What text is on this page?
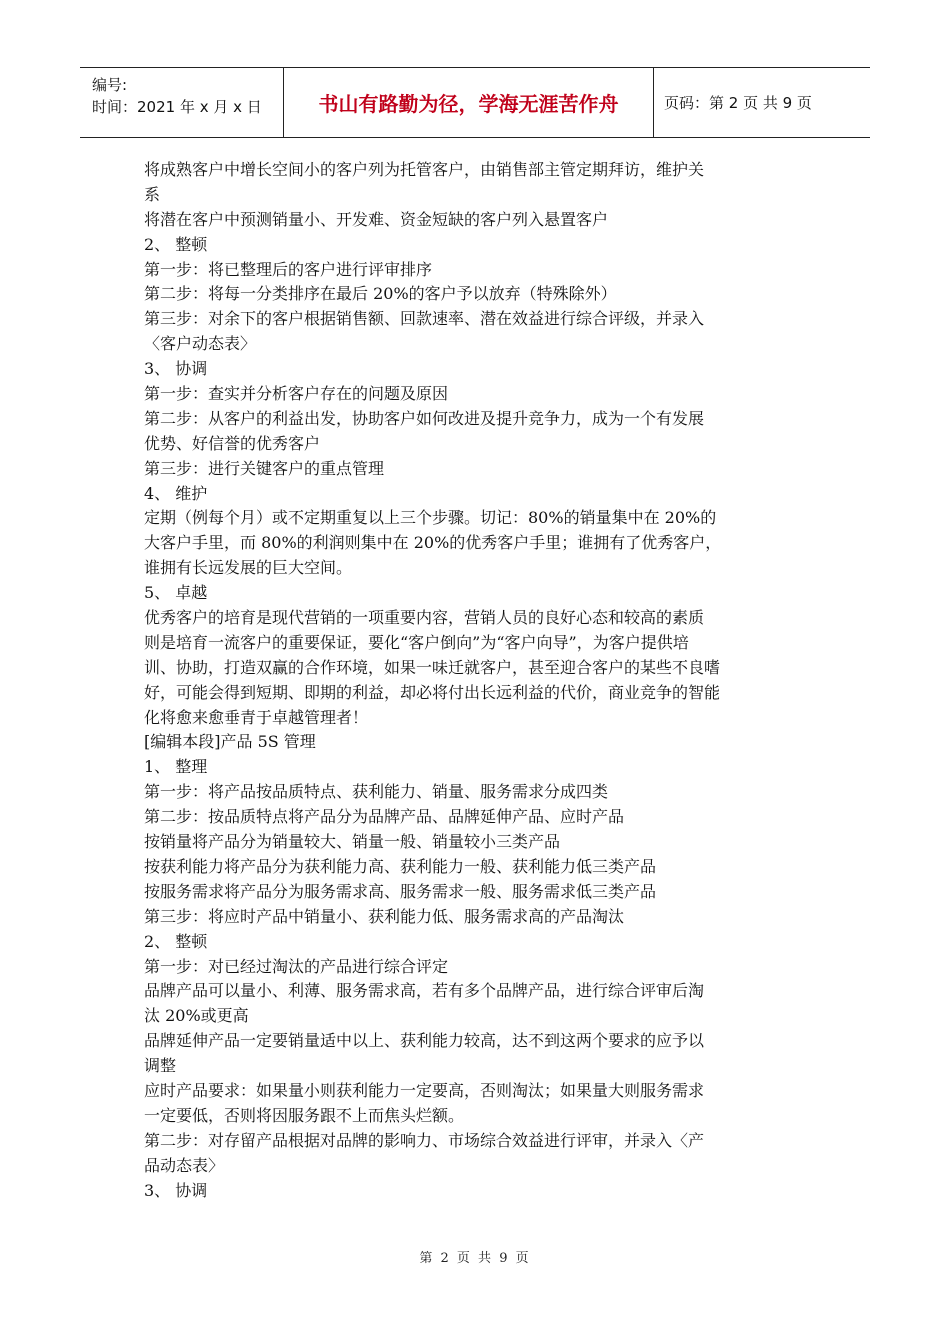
编号:
时间：2021 年 x 月 x 日	书山有路勤为径，学海无涯苦作舟	页码：第 2 页 共 9 页
将成熟客户中增长空间小的客户列为托管客户，由销售部主管定期拜访，维护关
系
将潜在客户中预测销量小、开发难、资金短缺的客户列入悬置客户
2、 整顿
第一步：将已整理后的客户进行评审排序
第二步：将每一分类排序在最后 20%的客户予以放弃（特殊除外）
第三步：对余下的客户根据销售额、回款速率、潜在效益进行综合评级，并录入
〈客户动态表〉
3、 协调
第一步：查实并分析客户存在的问题及原因
第二步：从客户的利益出发，协助客户如何改进及提升竞争力，成为一个有发展
优势、好信誉的优秀客户
第三步：进行关键客户的重点管理
4、 维护
定期（例每个月）或不定期重复以上三个步骤。切记：80%的销量集中在 20%的
大客户手里，而 80%的利润则集中在 20%的优秀客户手里；谁拥有了优秀客户，
谁拥有长远发展的巨大空间。
5、 卓越
优秀客户的培育是现代营销的一项重要内容，营销人员的良好心态和较高的素质
则是培育一流客户的重要保证，要化“客户倒向”为“客户向导”，为客户提供培
训、协助，打造双赢的合作环境，如果一味迁就客户，甚至迎合客户的某些不良嗜
好，可能会得到短期、即期的利益，却必将付出长远利益的代价，商业竞争的智能
化将愈来愈垂青于卓越管理者！
[编辑本段]产品 5S 管理
1、 整理
第一步：将产品按品质特点、获利能力、销量、服务需求分成四类
第二步：按品质特点将产品分为品牌产品、品牌延伸产品、应时产品
按销量将产品分为销量较大、销量一般、销量较小三类产品
按获利能力将产品分为获利能力高、获利能力一般、获利能力低三类产品
按服务需求将产品分为服务需求高、服务需求一般、服务需求低三类产品
第三步：将应时产品中销量小、获利能力低、服务需求高的产品淘汰
2、 整顿
第一步：对已经过淘汰的产品进行综合评定
品牌产品可以量小、利薄、服务需求高，若有多个品牌产品，进行综合评审后淘
汰 20%或更高
品牌延伸产品一定要销量适中以上、获利能力较高，达不到这两个要求的应予以
调整
应时产品要求：如果量小则获利能力一定要高，否则淘汰；如果量大则服务需求
一定要低，否则将因服务跟不上而焦头烂额。
第二步：对存留产品根据对品牌的影响力、市场综合效益进行评审，并录入〈产
品动态表〉
3、 协调
第 2 页 共 9 页
